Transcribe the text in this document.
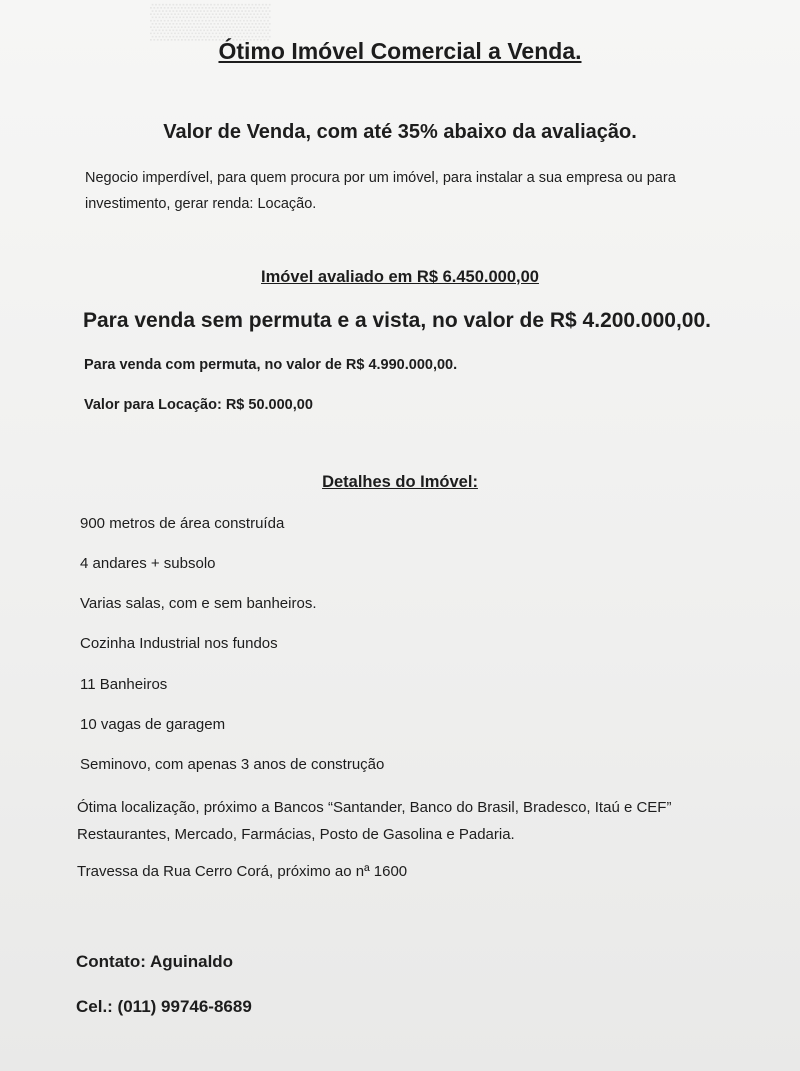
▒▒▒▒▒

Ótimo Imóvel Comercial a Venda.

Valor de Venda, com até 35% abaixo da avaliação.

Negocio imperdível, para quem procura por um imóvel, para instalar a sua empresa ou para investimento, gerar renda: Locação.

Imóvel avaliado em R$ 6.450.000,00

Para venda sem permuta e a vista, no valor de R$ 4.200.000,00.

Para venda com permuta, no valor de R$ 4.990.000,00.

Valor para Locação: R$ 50.000,00

Detalhes do Imóvel:

900 metros de área construída

4 andares + subsolo

Varias salas, com e sem banheiros.

Cozinha Industrial nos fundos

11 Banheiros

10 vagas de garagem

Seminovo, com apenas 3 anos de construção

Ótima localização, próximo a Bancos “Santander, Banco do Brasil, Bradesco, Itaú e CEF” Restaurantes, Mercado, Farmácias, Posto de Gasolina e Padaria.

Travessa da Rua Cerro Corá, próximo ao nª 1600

Contato: Aguinaldo

Cel.: (011) 99746-8689
